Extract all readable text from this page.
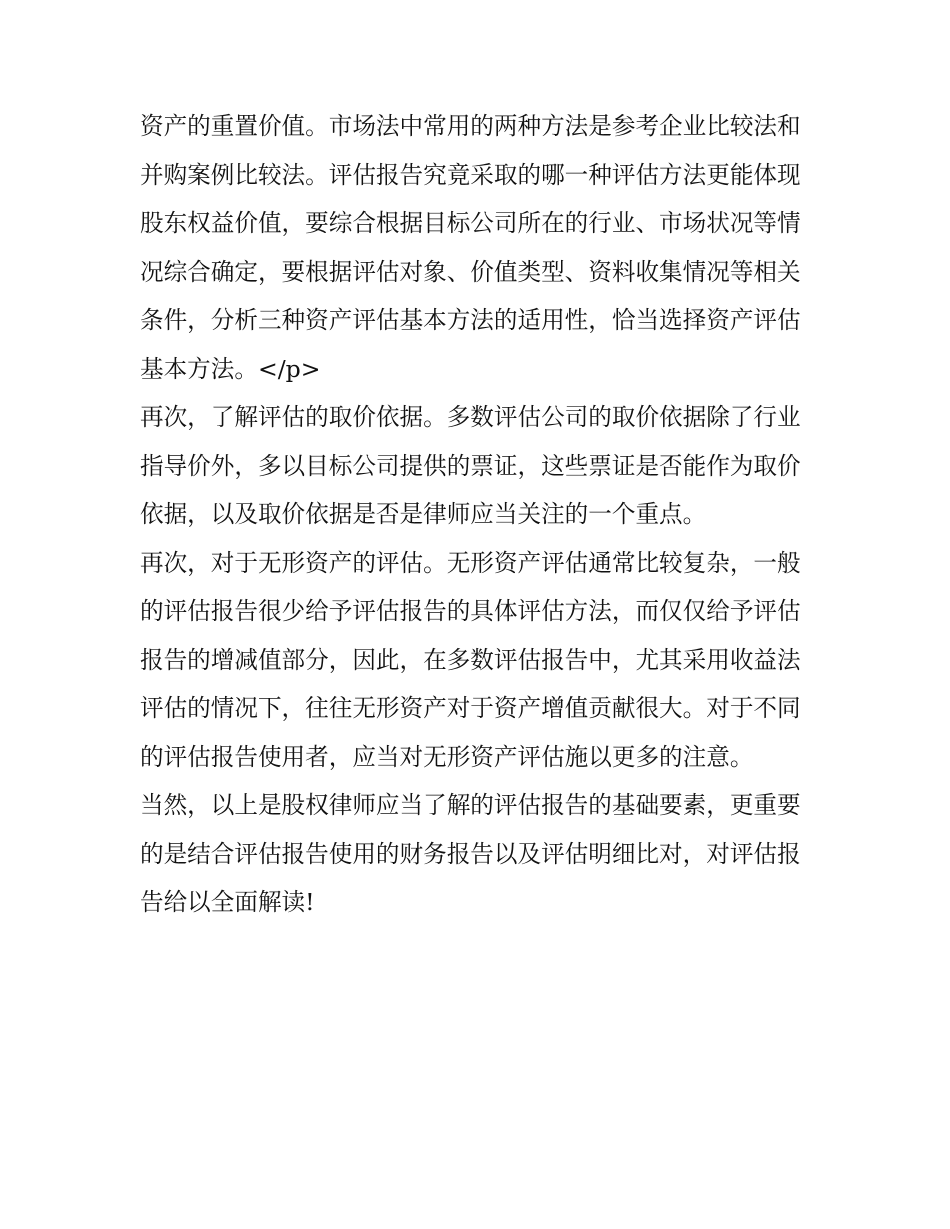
资产的重置价值。市场法中常用的两种方法是参考企业比较法和并购案例比较法。评估报告究竟采取的哪一种评估方法更能体现股东权益价值，要综合根据目标公司所在的行业、市场状况等情况综合确定，要根据评估对象、价值类型、资料收集情况等相关条件，分析三种资产评估基本方法的适用性，恰当选择资产评估基本方法。</p>

再次，了解评估的取价依据。多数评估公司的取价依据除了行业指导价外，多以目标公司提供的票证，这些票证是否能作为取价依据，以及取价依据是否是律师应当关注的一个重点。

再次，对于无形资产的评估。无形资产评估通常比较复杂，一般的评估报告很少给予评估报告的具体评估方法，而仅仅给予评估报告的增减值部分，因此，在多数评估报告中，尤其采用收益法评估的情况下，往往无形资产对于资产增值贡献很大。对于不同的评估报告使用者，应当对无形资产评估施以更多的注意。

当然，以上是股权律师应当了解的评估报告的基础要素，更重要的是结合评估报告使用的财务报告以及评估明细比对，对评估报告给以全面解读!
